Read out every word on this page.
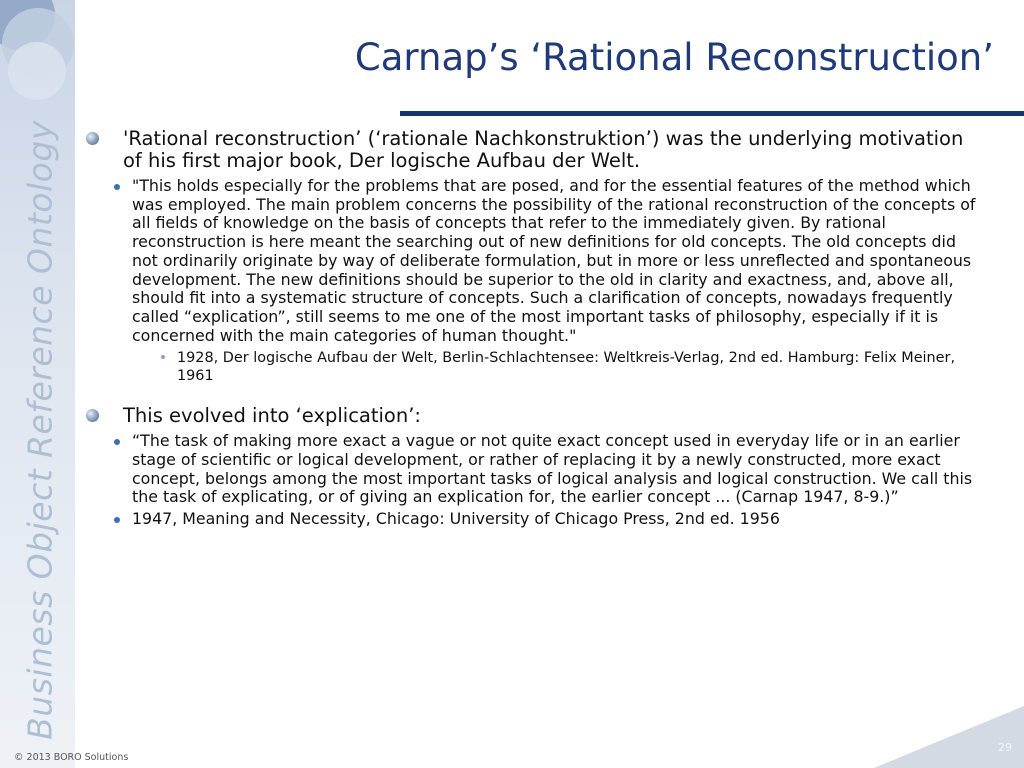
Business Object Reference Ontology
Carnap’s ‘Rational Reconstruction’
'Rational reconstruction’ (‘rationale Nachkonstruktion’) was the underlying motivation of his first major book, Der logische Aufbau der Welt.
"This holds especially for the problems that are posed, and for the essential features of the method which was employed. The main problem concerns the possibility of the rational reconstruction of the concepts of all fields of knowledge on the basis of concepts that refer to the immediately given. By rational reconstruction is here meant the searching out of new definitions for old concepts. The old concepts did not ordinarily originate by way of deliberate formulation, but in more or less unreflected and spontaneous development. The new definitions should be superior to the old in clarity and exactness, and, above all, should fit into a systematic structure of concepts. Such a clarification of concepts, nowadays frequently called “explication”, still seems to me one of the most important tasks of philosophy, especially if it is concerned with the main categories of human thought."
1928, Der logische Aufbau der Welt, Berlin-Schlachtensee: Weltkreis-Verlag, 2nd ed. Hamburg: Felix Meiner, 1961
This evolved into ‘explication’:
“The task of making more exact a vague or not quite exact concept used in everyday life or in an earlier stage of scientific or logical development, or rather of replacing it by a newly constructed, more exact concept, belongs among the most important tasks of logical analysis and logical construction. We call this the task of explicating, or of giving an explication for, the earlier concept ... (Carnap 1947, 8-9.)”
1947, Meaning and Necessity, Chicago: University of Chicago Press, 2nd ed. 1956
© 2013 BORO Solutions
29
